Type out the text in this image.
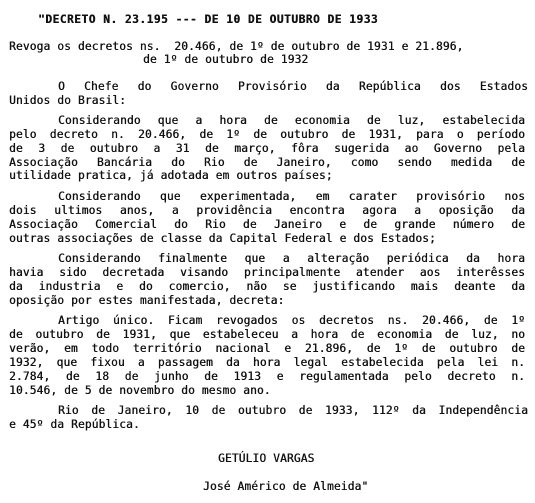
"DECRETO N. 23.195 --- DE 10 DE OUTUBRO DE 1933
Revoga os decretos ns.  20.466, de 1º de outubro de 1931 e 21.896,
de 1º de outubro de 1932
O Chefe do Governo Provisório da República dos Estados
Unidos do Brasil:
Considerando que a hora de economia de luz, estabelecida
pelo decreto n. 20.466, de 1º de outubro de 1931, para o período
de 3 de outubro a 31 de março, fôra sugerida ao Governo pela
Associação Bancária do Rio de Janeiro, como sendo medida de
utilidade pratica, já adotada em outros países;
Considerando que experimentada, em carater provisório nos
dois ultimos anos, a providência encontra agora a oposição da
Associação Comercial do Rio de Janeiro e de grande número de
outras associações de classe da Capital Federal e dos Estados;
Considerando finalmente que a alteração periódica da hora
havia sido decretada visando principalmente atender aos interêsses
da industria e do comercio, não se justificando mais deante da
oposição por estes manifestada, decreta:
Artigo único. Ficam revogados os decretos ns. 20.466, de 1º
de outubro de 1931, que estabeleceu a hora de economia de luz, no
verão, em todo território nacional e 21.896, de 1º de outubro de
1932, que fixou a passagem da hora legal estabelecida pela lei n.
2.784, de 18 de junho de 1913 e regulamentada pelo decreto n.
10.546, de 5 de novembro do mesmo ano.
Rio de Janeiro, 10 de outubro de 1933, 112º da Independência
e 45º da República.
GETÚLIO VARGAS
José Américo de Almeida"
